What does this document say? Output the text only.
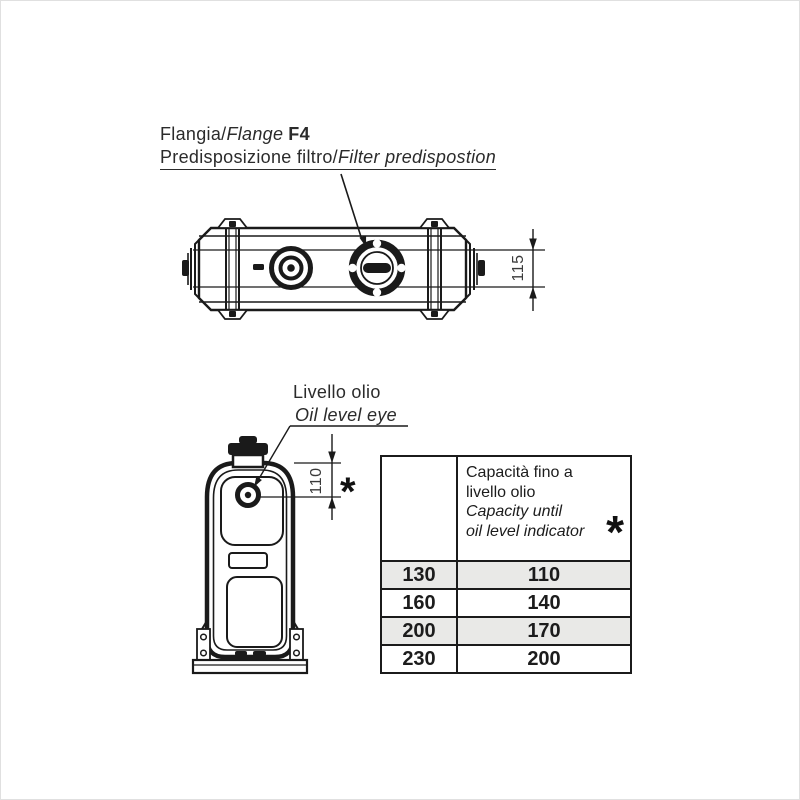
Flangia/Flange F4
Predisposizione filtro/Filter predispostion
Livello olio
Oil level eye
115
110 *

	Capacità fino a
livello olio
Capacity until
oil level indicator *

130	110
160	140
200	170
230	200
